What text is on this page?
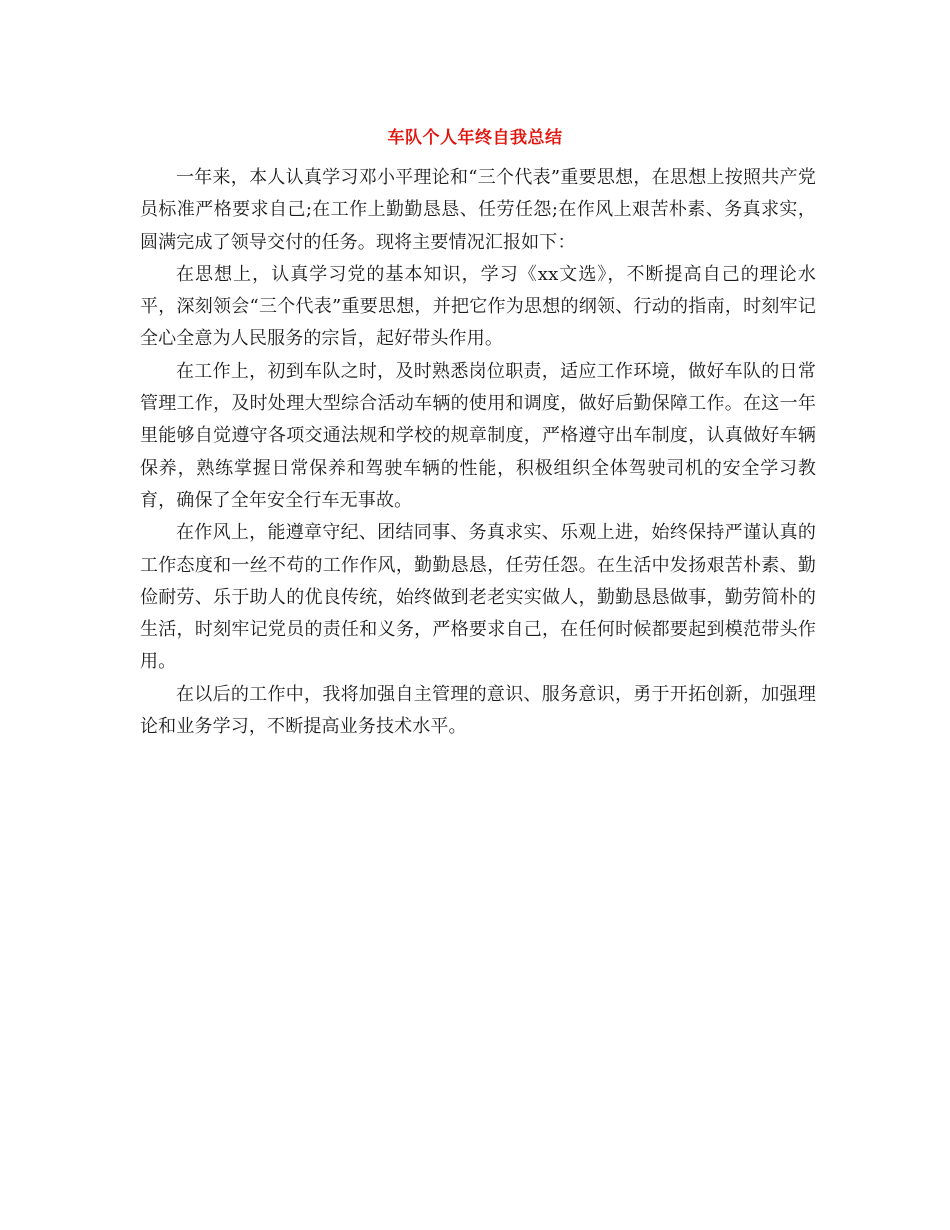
车队个人年终自我总结

一年来，本人认真学习邓小平理论和“三个代表”重要思想，在思想上按照共产党员标准严格要求自己;在工作上勤勤恳恳、任劳任怨;在作风上艰苦朴素、务真求实，圆满完成了领导交付的任务。现将主要情况汇报如下：

在思想上，认真学习党的基本知识，学习《xx文选》，不断提高自己的理论水平，深刻领会“三个代表”重要思想，并把它作为思想的纲领、行动的指南，时刻牢记全心全意为人民服务的宗旨，起好带头作用。

在工作上，初到车队之时，及时熟悉岗位职责，适应工作环境，做好车队的日常管理工作，及时处理大型综合活动车辆的使用和调度，做好后勤保障工作。在这一年里能够自觉遵守各项交通法规和学校的规章制度，严格遵守出车制度，认真做好车辆保养，熟练掌握日常保养和驾驶车辆的性能，积极组织全体驾驶司机的安全学习教育，确保了全年安全行车无事故。

在作风上，能遵章守纪、团结同事、务真求实、乐观上进，始终保持严谨认真的工作态度和一丝不苟的工作作风，勤勤恳恳，任劳任怨。在生活中发扬艰苦朴素、勤俭耐劳、乐于助人的优良传统，始终做到老老实实做人，勤勤恳恳做事，勤劳简朴的生活，时刻牢记党员的责任和义务，严格要求自己，在任何时候都要起到模范带头作用。

在以后的工作中，我将加强自主管理的意识、服务意识，勇于开拓创新，加强理论和业务学习，不断提高业务技术水平。
